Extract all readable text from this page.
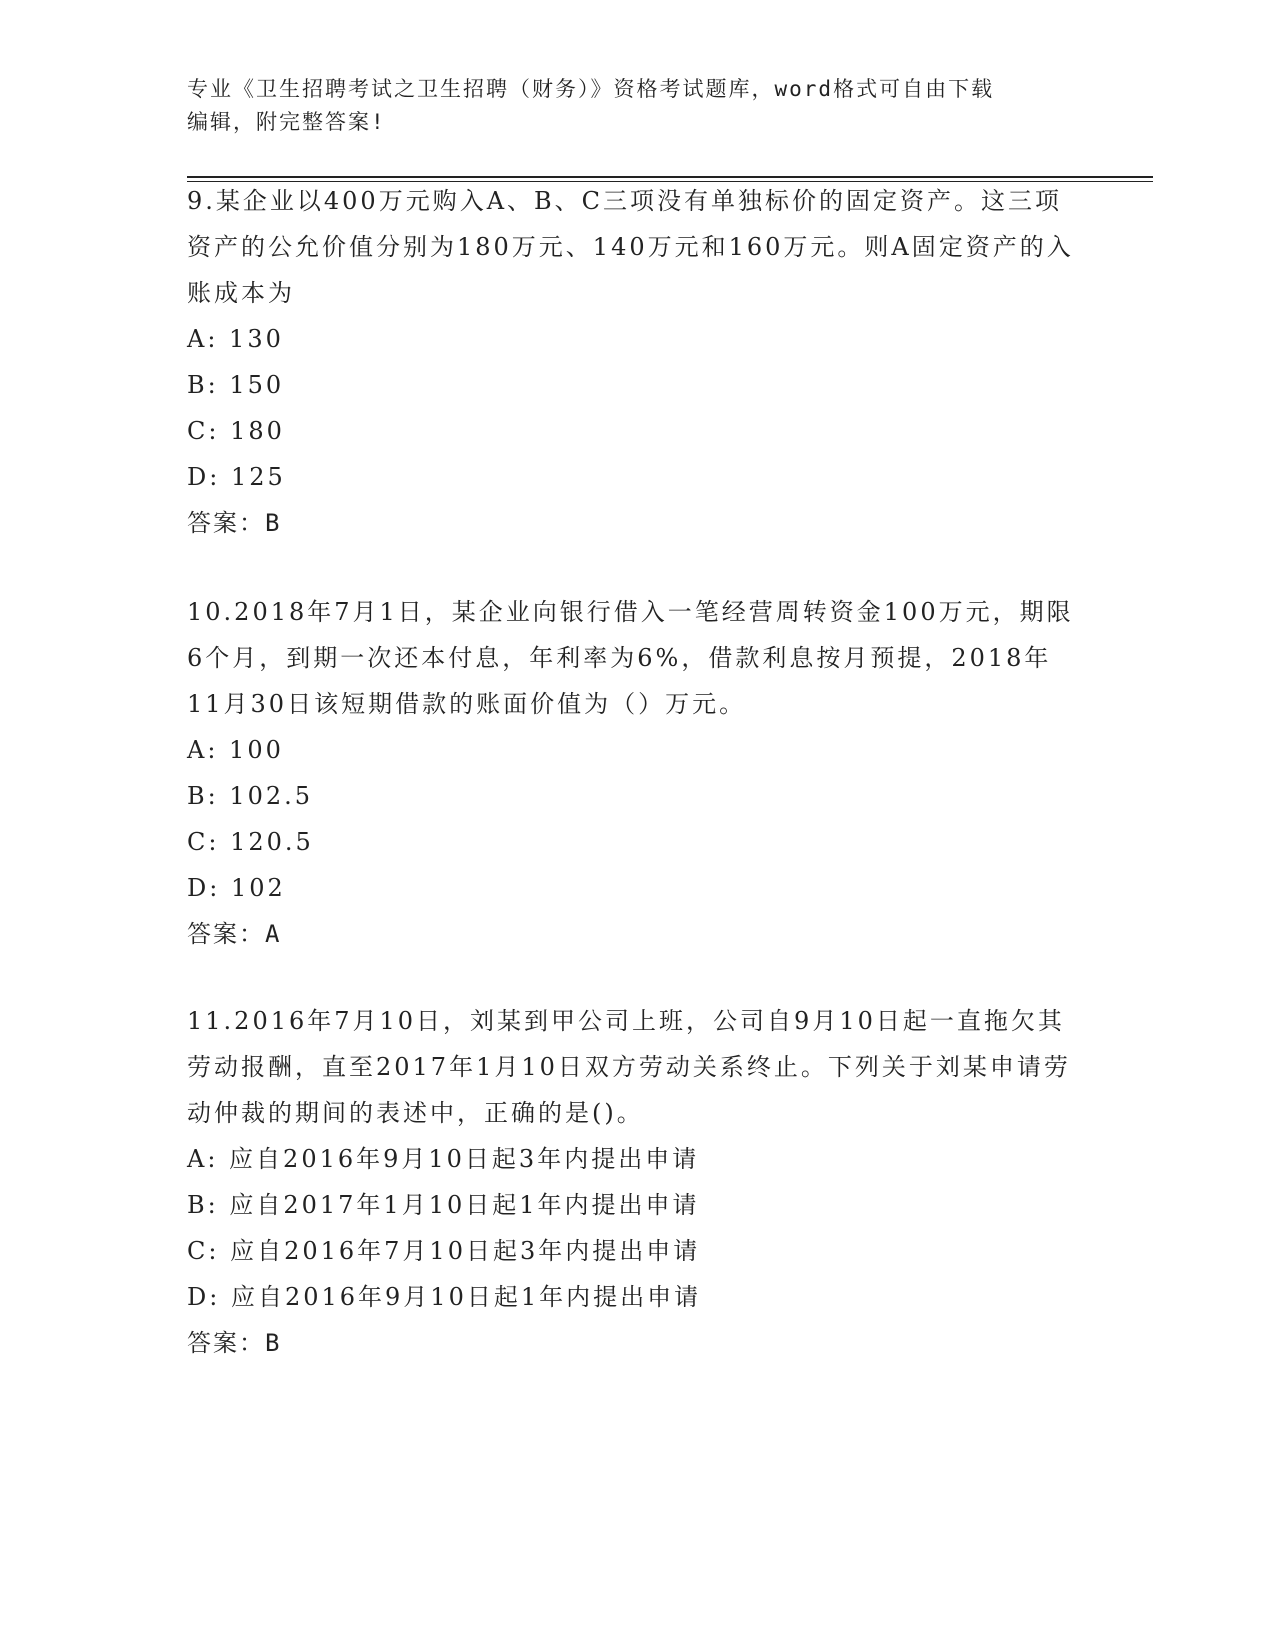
专业《卫生招聘考试之卫生招聘（财务）》资格考试题库，word格式可自由下载
编辑，附完整答案!
9.某企业以400万元购入A、B、C三项没有单独标价的固定资产。这三项资产的公允价值分别为180万元、140万元和160万元。则A固定资产的入账成本为
A: 130
B: 150
C: 180
D: 125
答案：B
10.2018年7月1日，某企业向银行借入一笔经营周转资金100万元，期限6个月，到期一次还本付息，年利率为6%，借款利息按月预提，2018年11月30日该短期借款的账面价值为（）万元。
A: 100
B: 102.5
C: 120.5
D: 102
答案：A
11.2016年7月10日，刘某到甲公司上班，公司自9月10日起一直拖欠其劳动报酬，直至2017年1月10日双方劳动关系终止。下列关于刘某申请劳动仲裁的期间的表述中，正确的是()。
A: 应自2016年9月10日起3年内提出申请
B: 应自2017年1月10日起1年内提出申请
C: 应自2016年7月10日起3年内提出申请
D: 应自2016年9月10日起1年内提出申请
答案：B
